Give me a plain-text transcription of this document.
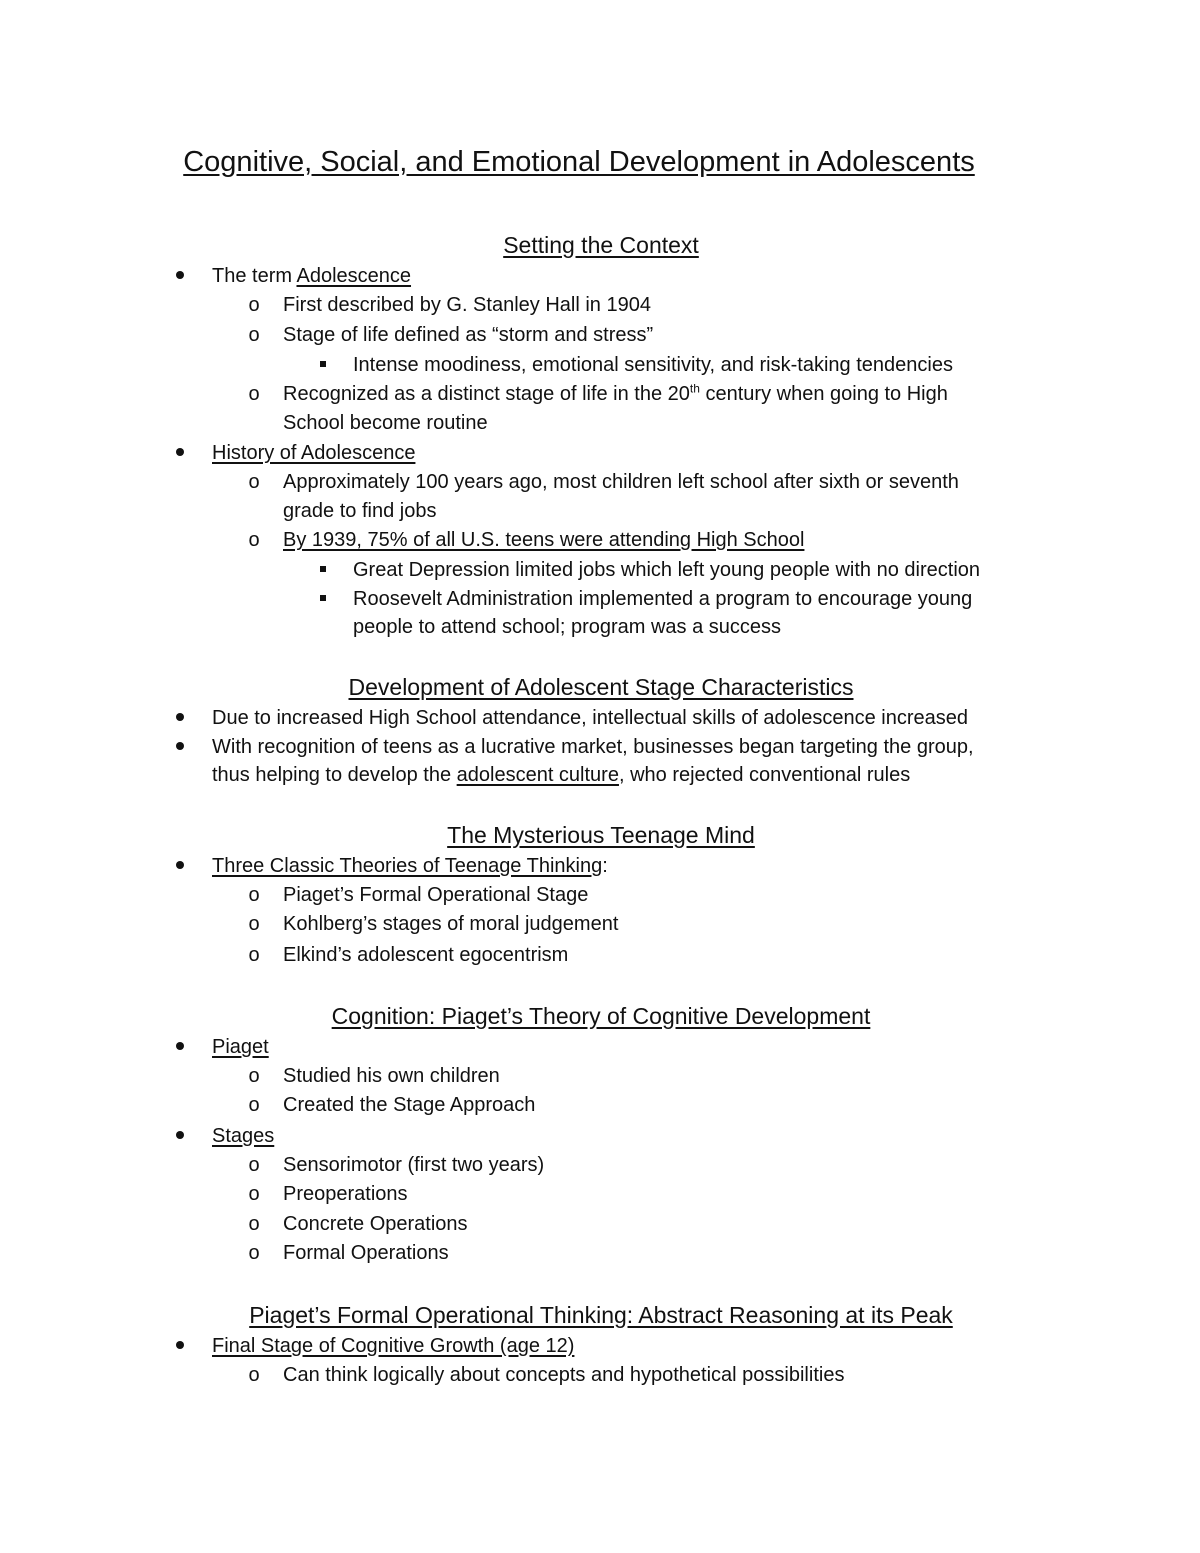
Cognitive, Social, and Emotional Development in Adolescents
Setting the Context
The term Adolescence
o First described by G. Stanley Hall in 1904
o Stage of life defined as “storm and stress”
Intense moodiness, emotional sensitivity, and risk-taking tendencies
o Recognized as a distinct stage of life in the 20th century when going to High
School become routine
History of Adolescence
o Approximately 100 years ago, most children left school after sixth or seventh
grade to find jobs
o By 1939, 75% of all U.S. teens were attending High School
Great Depression limited jobs which left young people with no direction
Roosevelt Administration implemented a program to encourage young
people to attend school; program was a success
Development of Adolescent Stage Characteristics
Due to increased High School attendance, intellectual skills of adolescence increased
With recognition of teens as a lucrative market, businesses began targeting the group,
thus helping to develop the adolescent culture, who rejected conventional rules
The Mysterious Teenage Mind
Three Classic Theories of Teenage Thinking:
o Piaget’s Formal Operational Stage
o Kohlberg’s stages of moral judgement
o Elkind’s adolescent egocentrism
Cognition: Piaget’s Theory of Cognitive Development
Piaget
o Studied his own children
o Created the Stage Approach
Stages
o Sensorimotor (first two years)
o Preoperations
o Concrete Operations
o Formal Operations
Piaget’s Formal Operational Thinking: Abstract Reasoning at its Peak
Final Stage of Cognitive Growth (age 12)
o Can think logically about concepts and hypothetical possibilities
